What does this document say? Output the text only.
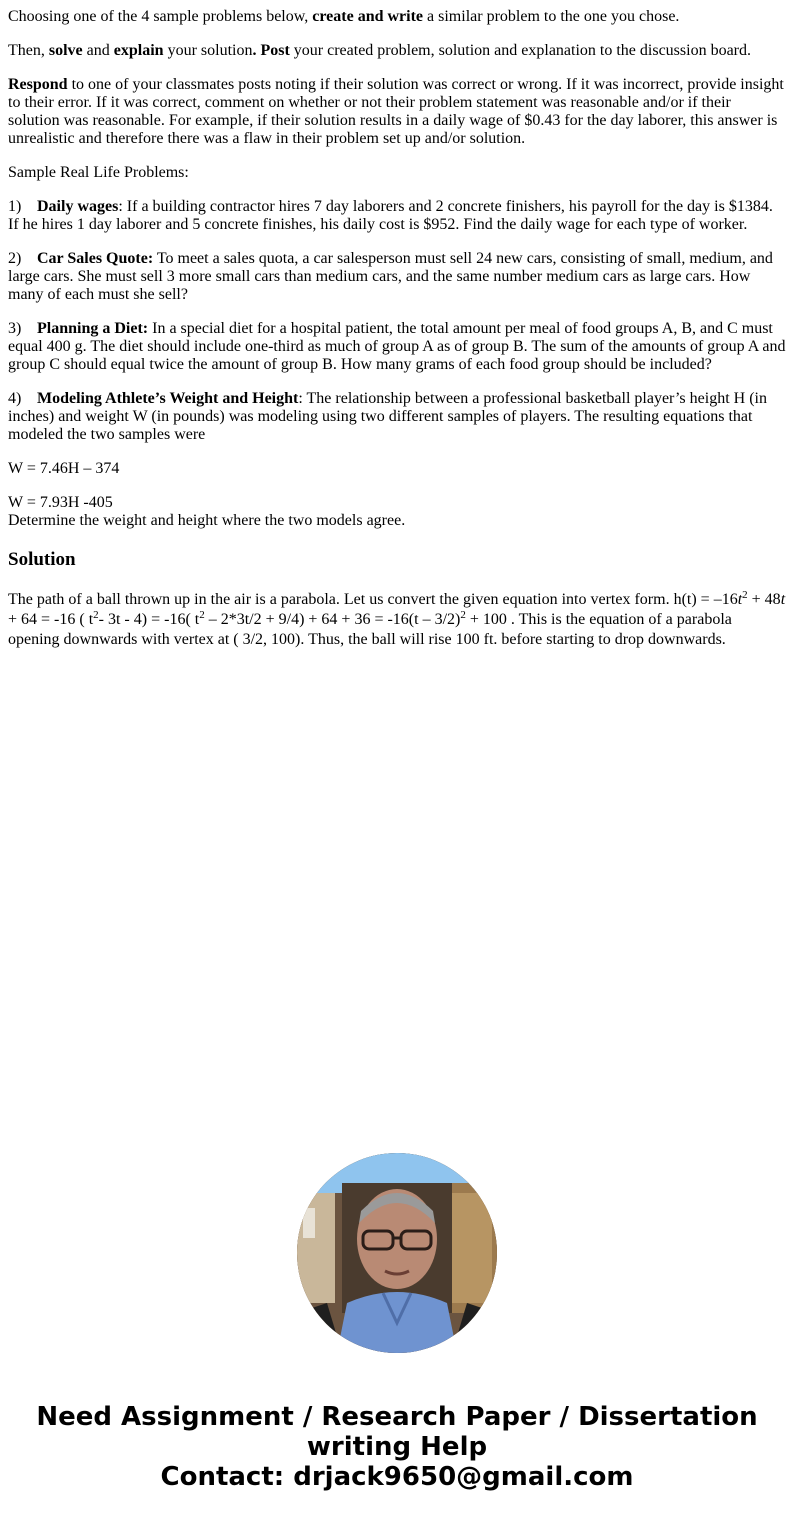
Choosing one of the 4 sample problems below, create and write a similar problem to the one you chose.

Then, solve and explain your solution. Post your created problem, solution and explanation to the discussion board.

Respond to one of your classmates posts noting if their solution was correct or wrong. If it was incorrect, provide insight to their error. If it was correct, comment on whether or not their problem statement was reasonable and/or if their solution was reasonable. For example, if their solution results in a daily wage of $0.43 for the day laborer, this answer is unrealistic and therefore there was a flaw in their problem set up and/or solution.

Sample Real Life Problems:

1) Daily wages: If a building contractor hires 7 day laborers and 2 concrete finishers, his payroll for the day is $1384. If he hires 1 day laborer and 5 concrete finishes, his daily cost is $952. Find the daily wage for each type of worker.

2) Car Sales Quote: To meet a sales quota, a car salesperson must sell 24 new cars, consisting of small, medium, and large cars. She must sell 3 more small cars than medium cars, and the same number medium cars as large cars. How many of each must she sell?

3) Planning a Diet: In a special diet for a hospital patient, the total amount per meal of food groups A, B, and C must equal 400 g. The diet should include one-third as much of group A as of group B. The sum of the amounts of group A and group C should equal twice the amount of group B. How many grams of each food group should be included?

4) Modeling Athlete’s Weight and Height: The relationship between a professional basketball player’s height H (in inches) and weight W (in pounds) was modeling using two different samples of players. The resulting equations that modeled the two samples were

W = 7.46H – 374

W = 7.93H -405

Determine the weight and height where the two models agree.

Solution

The path of a ball thrown up in the air is a parabola. Let us convert the given equation into vertex form. $h(t) = -16t^2 + 48t + 64 = -16$ ( $t^2-$ 3t - 4) = -16( $t^2 - 2*3t/2 + 9/4) + 64 + 36 = -16(t - 3/2)^2 + 100$ . This is the equation of a parabola opening downwards with vertex at ( 3/2, 100). Thus, the ball will rise 100 ft. before starting to drop downwards.

Need Assignment / Research Paper / Dissertation
writing Help
Contact: drjack9650@gmail.com
